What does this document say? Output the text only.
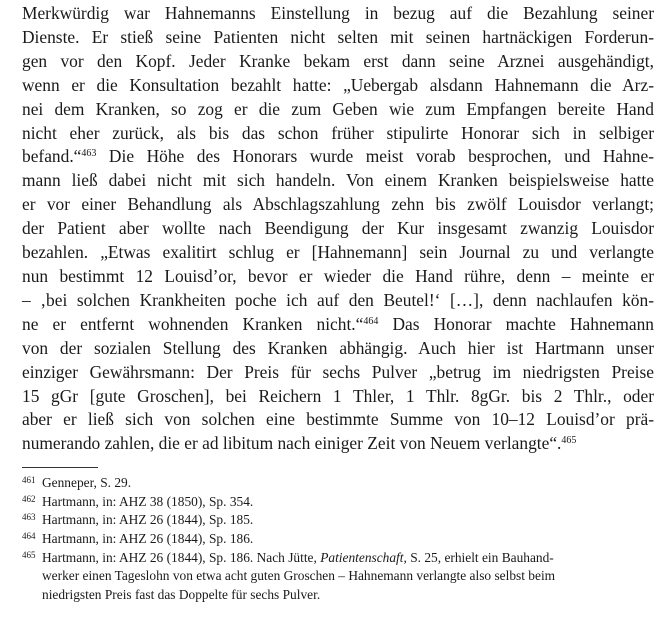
Merkwürdig war Hahnemanns Einstellung in bezug auf die Bezahlung seiner
Dienste. Er stieß seine Patienten nicht selten mit seinen hartnäckigen Forderun-
gen vor den Kopf. Jeder Kranke bekam erst dann seine Arznei ausgehändigt,
wenn er die Konsultation bezahlt hatte: „Uebergab alsdann Hahnemann die Arz-
nei dem Kranken, so zog er die zum Geben wie zum Empfangen bereite Hand
nicht eher zurück, als bis das schon früher stipulirte Honorar sich in selbiger
befand.“$^{463}$ Die Höhe des Honorars wurde meist vorab besprochen, und Hahne-
mann ließ dabei nicht mit sich handeln. Von einem Kranken beispielsweise hatte
er vor einer Behandlung als Abschlagszahlung zehn bis zwölf Louisdor verlangt;
der Patient aber wollte nach Beendigung der Kur insgesamt zwanzig Louisdor
bezahlen. „Etwas exalitirt schlug er [Hahnemann] sein Journal zu und verlangte
nun bestimmt 12 Louisd’or, bevor er wieder die Hand rühre, denn – meinte er
– ‚bei solchen Krankheiten poche ich auf den Beutel!‘ […], denn nachlaufen kön-
ne er entfernt wohnenden Kranken nicht.“$^{464}$ Das Honorar machte Hahnemann
von der sozialen Stellung des Kranken abhängig. Auch hier ist Hartmann unser
einziger Gewährsmann: Der Preis für sechs Pulver „betrug im niedrigsten Preise
15 gGr [gute Groschen], bei Reichern 1 Thler, 1 Thlr. 8gGr. bis 2 Thlr., oder
aber er ließ sich von solchen eine bestimmte Summe von 10–12 Louisd’or prä-
numerando zahlen, die er ad libitum nach einiger Zeit von Neuem verlangte“.$^{465}$

461 Genneper, S. 29.
462 Hartmann, in: AHZ 38 (1850), Sp. 354.
463 Hartmann, in: AHZ 26 (1844), Sp. 185.
464 Hartmann, in: AHZ 26 (1844), Sp. 186.
465 Hartmann, in: AHZ 26 (1844), Sp. 186. Nach Jütte, Patientenschaft, S. 25, erhielt ein Bauhand-
werker einen Tageslohn von etwa acht guten Groschen – Hahnemann verlangte also selbst beim
niedrigsten Preis fast das Doppelte für sechs Pulver.
